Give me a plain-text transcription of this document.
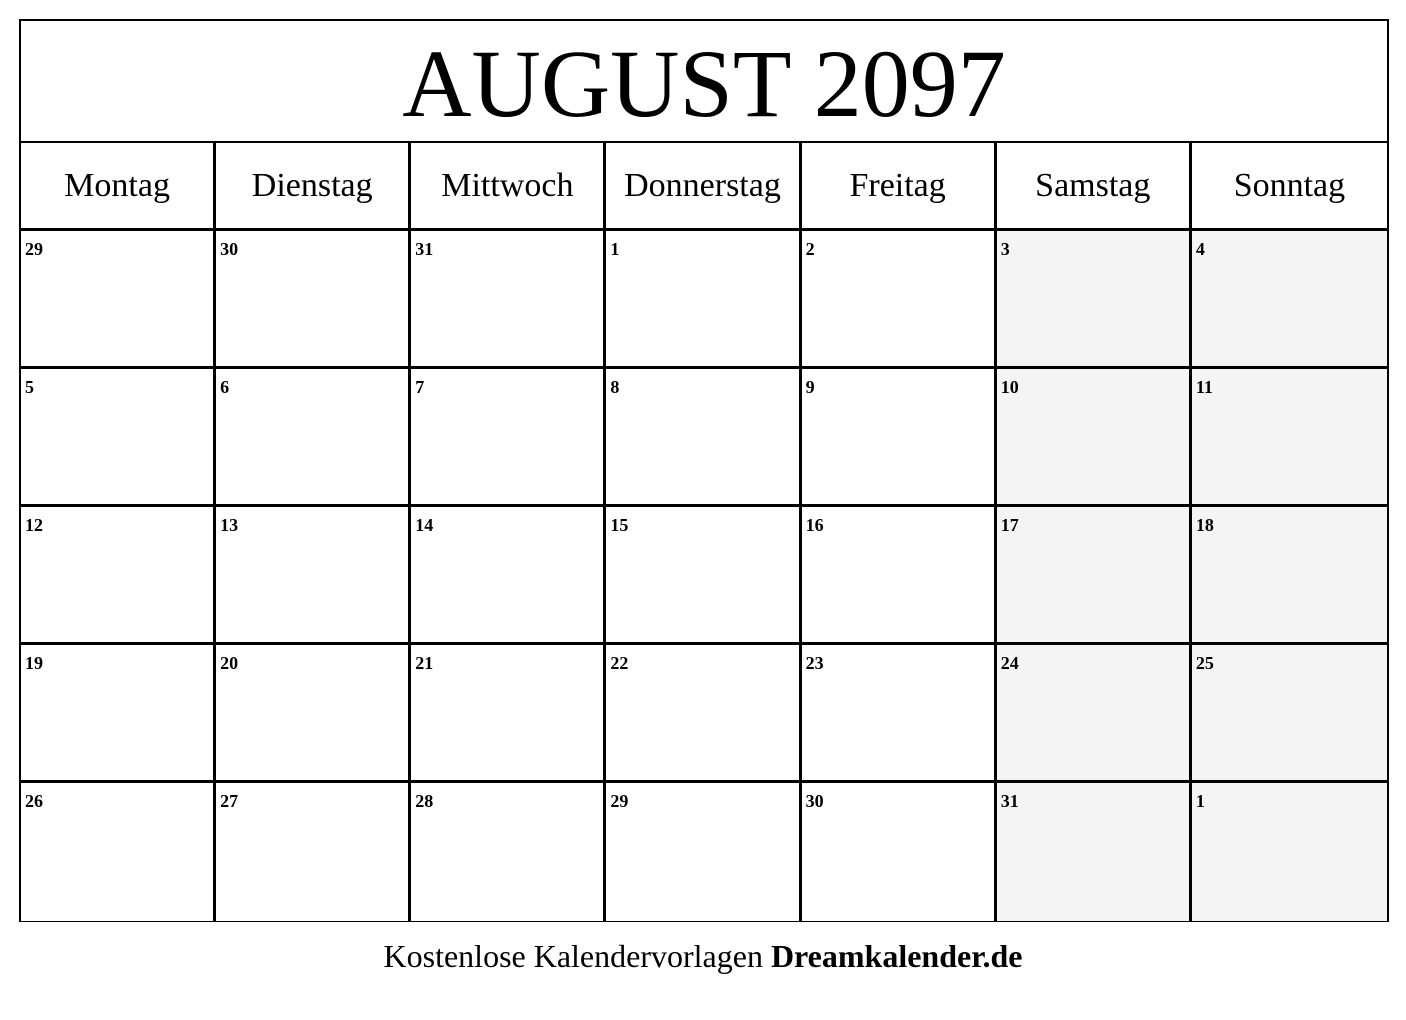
AUGUST 2097
Montag	Dienstag	Mittwoch	Donnerstag	Freitag	Samstag	Sonntag
29	30	31	1	2	3	4
5	6	7	8	9	10	11
12	13	14	15	16	17	18
19	20	21	22	23	24	25
26	27	28	29	30	31	1
Kostenlose Kalendervorlagen Dreamkalender.de
